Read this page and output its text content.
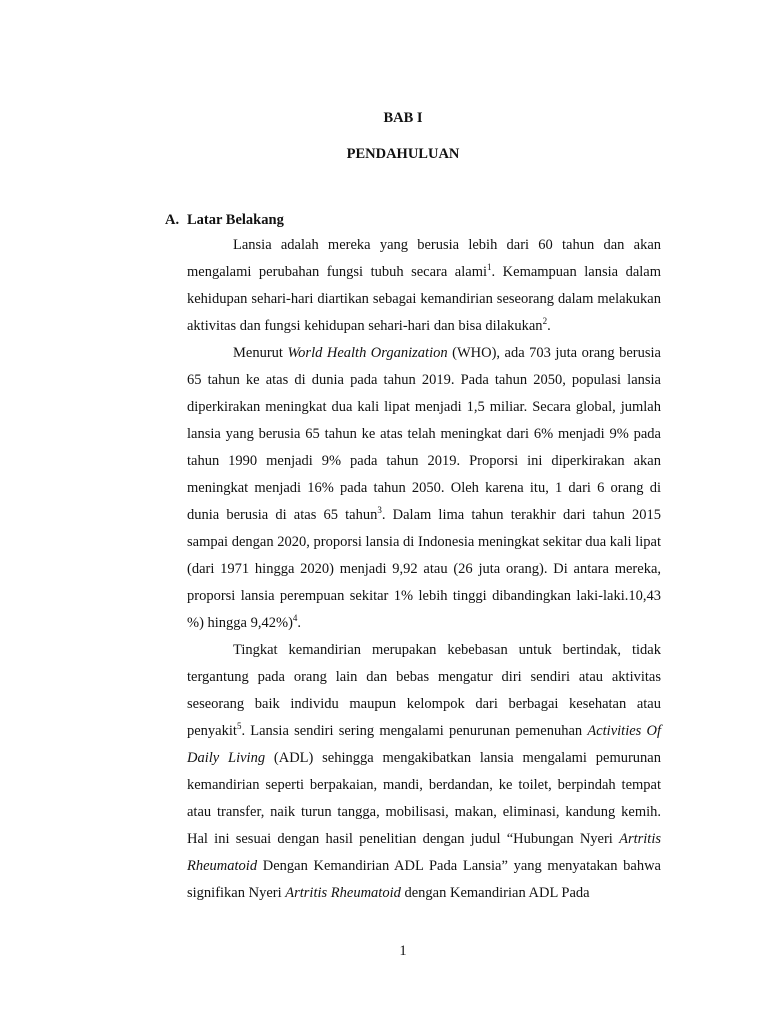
BAB I
PENDAHULUAN
A. Latar Belakang

Lansia adalah mereka yang berusia lebih dari 60 tahun dan akan mengalami perubahan fungsi tubuh secara alami$^1$. Kemampuan lansia dalam kehidupan sehari-hari diartikan sebagai kemandirian seseorang dalam melakukan aktivitas dan fungsi kehidupan sehari-hari dan bisa dilakukan$^2$.

Menurut World Health Organization (WHO), ada 703 juta orang berusia 65 tahun ke atas di dunia pada tahun 2019. Pada tahun 2050, populasi lansia diperkirakan meningkat dua kali lipat menjadi 1,5 miliar. Secara global, jumlah lansia yang berusia 65 tahun ke atas telah meningkat dari 6% menjadi 9% pada tahun 1990 menjadi 9% pada tahun 2019. Proporsi ini diperkirakan akan meningkat menjadi 16% pada tahun 2050. Oleh karena itu, 1 dari 6 orang di dunia berusia di atas 65 tahun$^3$. Dalam lima tahun terakhir dari tahun 2015 sampai dengan 2020, proporsi lansia di Indonesia meningkat sekitar dua kali lipat (dari 1971 hingga 2020) menjadi 9,92 atau (26 juta orang). Di antara mereka, proporsi lansia perempuan sekitar 1% lebih tinggi dibandingkan laki-laki.10,43 %) hingga 9,42%)$^4$.

Tingkat kemandirian merupakan kebebasan untuk bertindak, tidak tergantung pada orang lain dan bebas mengatur diri sendiri atau aktivitas seseorang baik individu maupun kelompok dari berbagai kesehatan atau penyakit$^5$. Lansia sendiri sering mengalami penurunan pemenuhan Activities Of Daily Living (ADL) sehingga mengakibatkan lansia mengalami pemurunan kemandirian seperti berpakaian, mandi, berdandan, ke toilet, berpindah tempat atau transfer, naik turun tangga, mobilisasi, makan, eliminasi, kandung kemih. Hal ini sesuai dengan hasil penelitian dengan judul “Hubungan Nyeri Artritis Rheumatoid Dengan Kemandirian ADL Pada Lansia” yang menyatakan bahwa signifikan Nyeri Artritis Rheumatoid dengan Kemandirian ADL Pada

1
